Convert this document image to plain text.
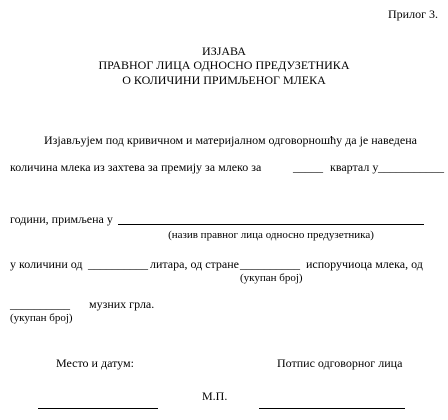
Прилог 3.
ИЗЈАВА
ПРАВНОГ ЛИЦА ОДНОСНО ПРЕДУЗЕТНИКА
О КОЛИЧИНИ ПРИМЉЕНОГ МЛЕКА
Изјављујем под кривичном и материјалном одговорношћу да је наведена
количина млека из захтева за премију за млеко за	_____ квартал у ___________
години, примљена у
(назив правног лица односно предузетника)
у количини од __________ литара, од стране __________ испоручиоца млека, од
(укупан број)
__________ музних грла.
(укупан број)
Место и датум:	Потпис одговорног лица
М.П.
